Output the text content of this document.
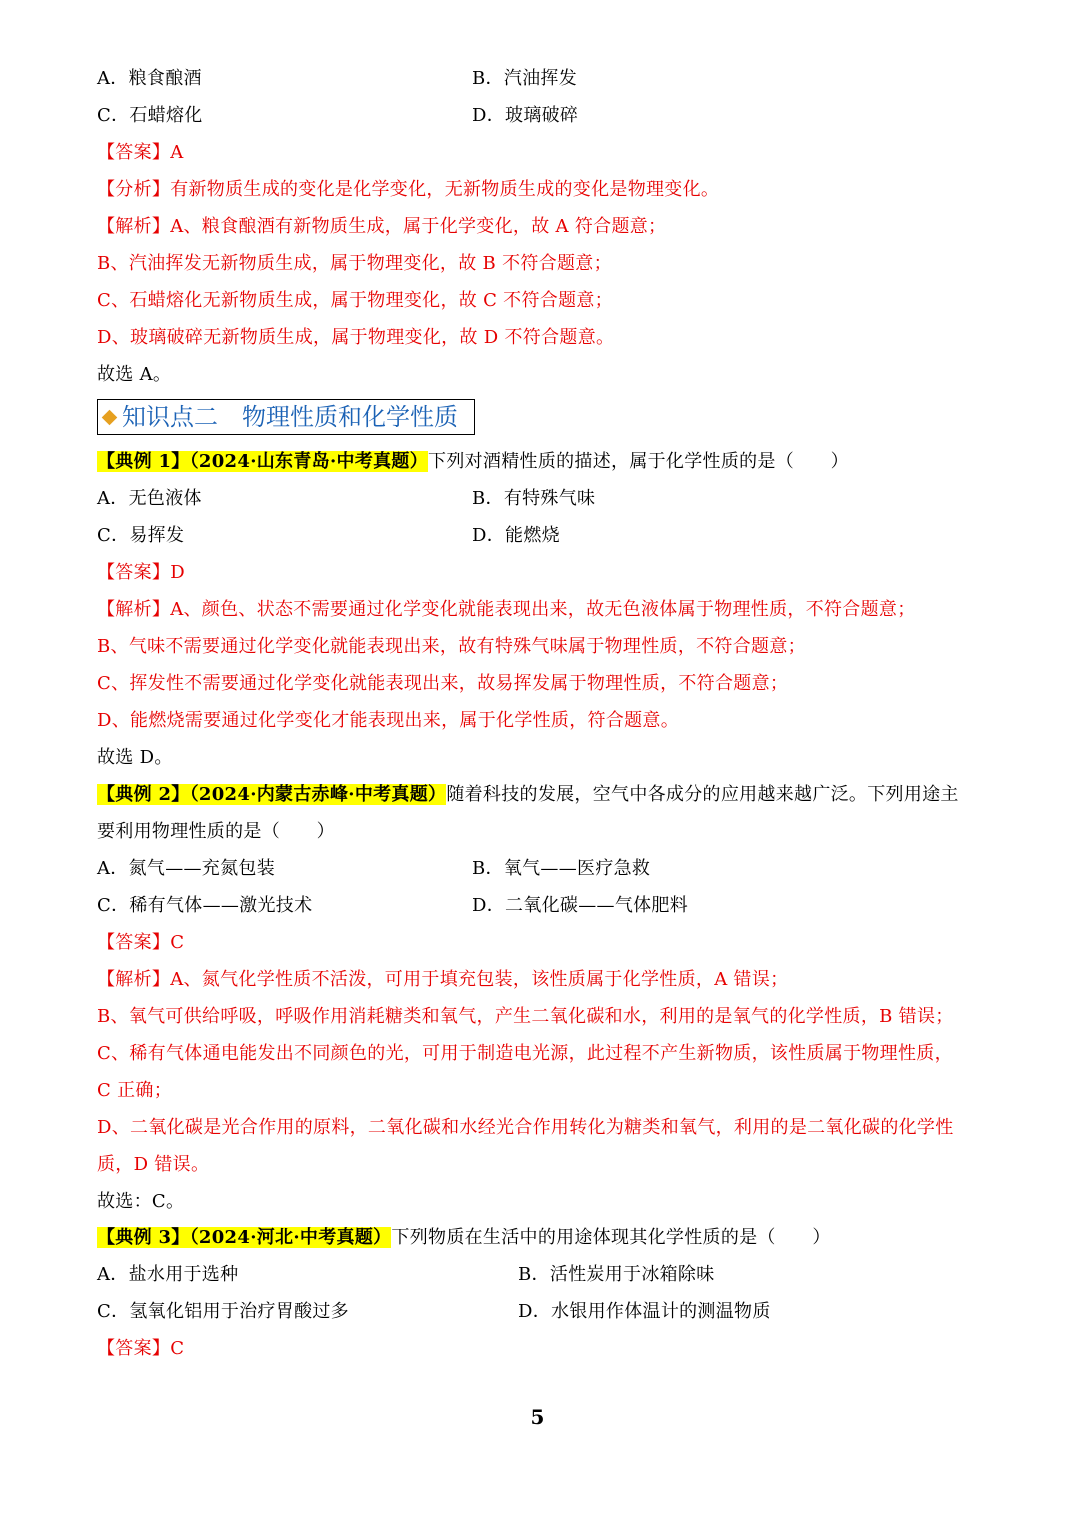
A．粮食酿酒	B．汽油挥发
C．石蜡熔化	D．玻璃破碎
【答案】A
【分析】有新物质生成的变化是化学变化，无新物质生成的变化是物理变化。
【解析】A、粮食酿酒有新物质生成，属于化学变化，故 A 符合题意；
B、汽油挥发无新物质生成，属于物理变化，故 B 不符合题意；
C、石蜡熔化无新物质生成，属于物理变化，故 C 不符合题意；
D、玻璃破碎无新物质生成，属于物理变化，故 D 不符合题意。
故选 A。
知识点二　物理性质和化学性质
【典例 1】（2024·山东青岛·中考真题）下列对酒精性质的描述，属于化学性质的是（　　）
A．无色液体	B．有特殊气味
C．易挥发	D．能燃烧
【答案】D
【解析】A、颜色、状态不需要通过化学变化就能表现出来，故无色液体属于物理性质，不符合题意；
B、气味不需要通过化学变化就能表现出来，故有特殊气味属于物理性质，不符合题意；
C、挥发性不需要通过化学变化就能表现出来，故易挥发属于物理性质，不符合题意；
D、能燃烧需要通过化学变化才能表现出来，属于化学性质，符合题意。
故选 D。
【典例 2】（2024·内蒙古赤峰·中考真题）随着科技的发展，空气中各成分的应用越来越广泛。下列用途主
要利用物理性质的是（　　）
A．氮气——充氮包装	B．氧气——医疗急救
C．稀有气体——激光技术	D．二氧化碳——气体肥料
【答案】C
【解析】A、氮气化学性质不活泼，可用于填充包装，该性质属于化学性质，A 错误；
B、氧气可供给呼吸，呼吸作用消耗糖类和氧气，产生二氧化碳和水，利用的是氧气的化学性质，B 错误；
C、稀有气体通电能发出不同颜色的光，可用于制造电光源，此过程不产生新物质，该性质属于物理性质，
C 正确；
D、二氧化碳是光合作用的原料，二氧化碳和水经光合作用转化为糖类和氧气，利用的是二氧化碳的化学性
质，D 错误。
故选：C。
【典例 3】（2024·河北·中考真题）下列物质在生活中的用途体现其化学性质的是（　　）
A．盐水用于选种	B．活性炭用于冰箱除味
C．氢氧化铝用于治疗胃酸过多	D．水银用作体温计的测温物质
【答案】C
5
